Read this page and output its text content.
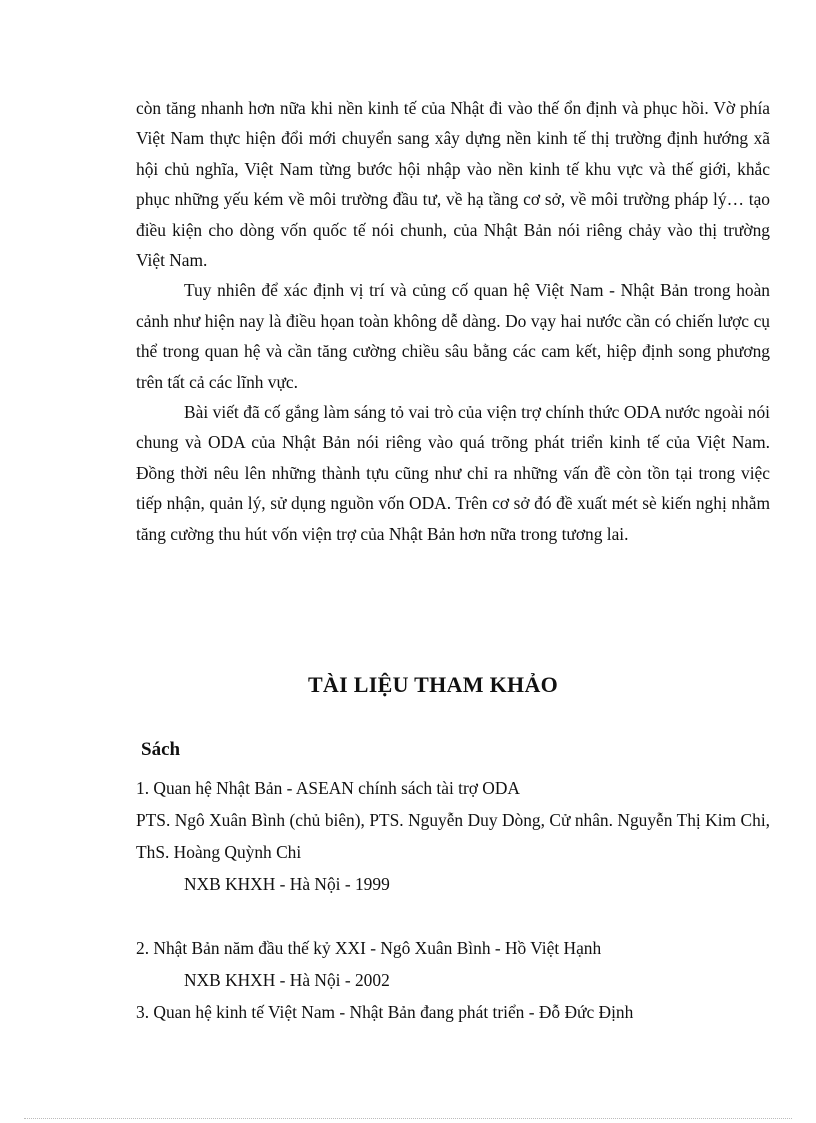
còn tăng nhanh hơn nữa khi nền kinh tế của Nhật đi vào thế ổn định và phục hồi. Vờ phía Việt Nam thực hiện đổi mới chuyển sang xây dựng nền kinh tế thị trường định hướng xã hội chủ nghĩa, Việt Nam từng bước hội nhập vào nền kinh tế khu vực và thế giới, khắc phục những yếu kém về môi trường đầu tư, về hạ tầng cơ sở, về môi trường pháp lý… tạo điều kiện cho dòng vốn quốc tế nói chunh, của Nhật Bản nói riêng chảy vào thị trường Việt Nam.

Tuy nhiên để xác định vị trí và củng cố quan hệ Việt Nam - Nhật Bản trong hoàn cảnh như hiện nay là điều họan toàn không dễ dàng. Do vạy hai nước cần có chiến lược cụ thể trong quan hệ và cần tăng cường chiều sâu bằng các cam kết, hiệp định song phương trên tất cả các lĩnh vực.

Bài viết đã cố gắng làm sáng tỏ vai trò của viện trợ chính thức ODA nước ngoài nói chung và ODA của Nhật Bản nói riêng vào quá trõng phát triển kinh tế của Việt Nam. Đồng thời nêu lên những thành tựu cũng như chỉ ra những vấn đề còn tồn tại trong việc tiếp nhận, quản lý, sử dụng nguồn vốn ODA. Trên cơ sở đó đề xuất mét sè kiến nghị nhằm tăng cường thu hút vốn viện trợ của Nhật Bản hơn nữa trong tương lai.

TÀI LIỆU THAM KHẢO
Sách

1. Quan hệ Nhật Bản - ASEAN chính sách tài trợ ODA

PTS. Ngô Xuân Bình (chủ biên), PTS. Nguyễn Duy Dòng, Cử nhân. Nguyễn Thị Kim Chi, ThS. Hoàng Quỳnh Chi

NXB KHXH - Hà Nội - 1999

2. Nhật Bản năm đầu thế kỷ XXI - Ngô Xuân Bình - Hồ Việt Hạnh

NXB KHXH - Hà Nội - 2002

3. Quan hệ kinh tế Việt Nam - Nhật Bản đang phát triển - Đỗ Đức Định
